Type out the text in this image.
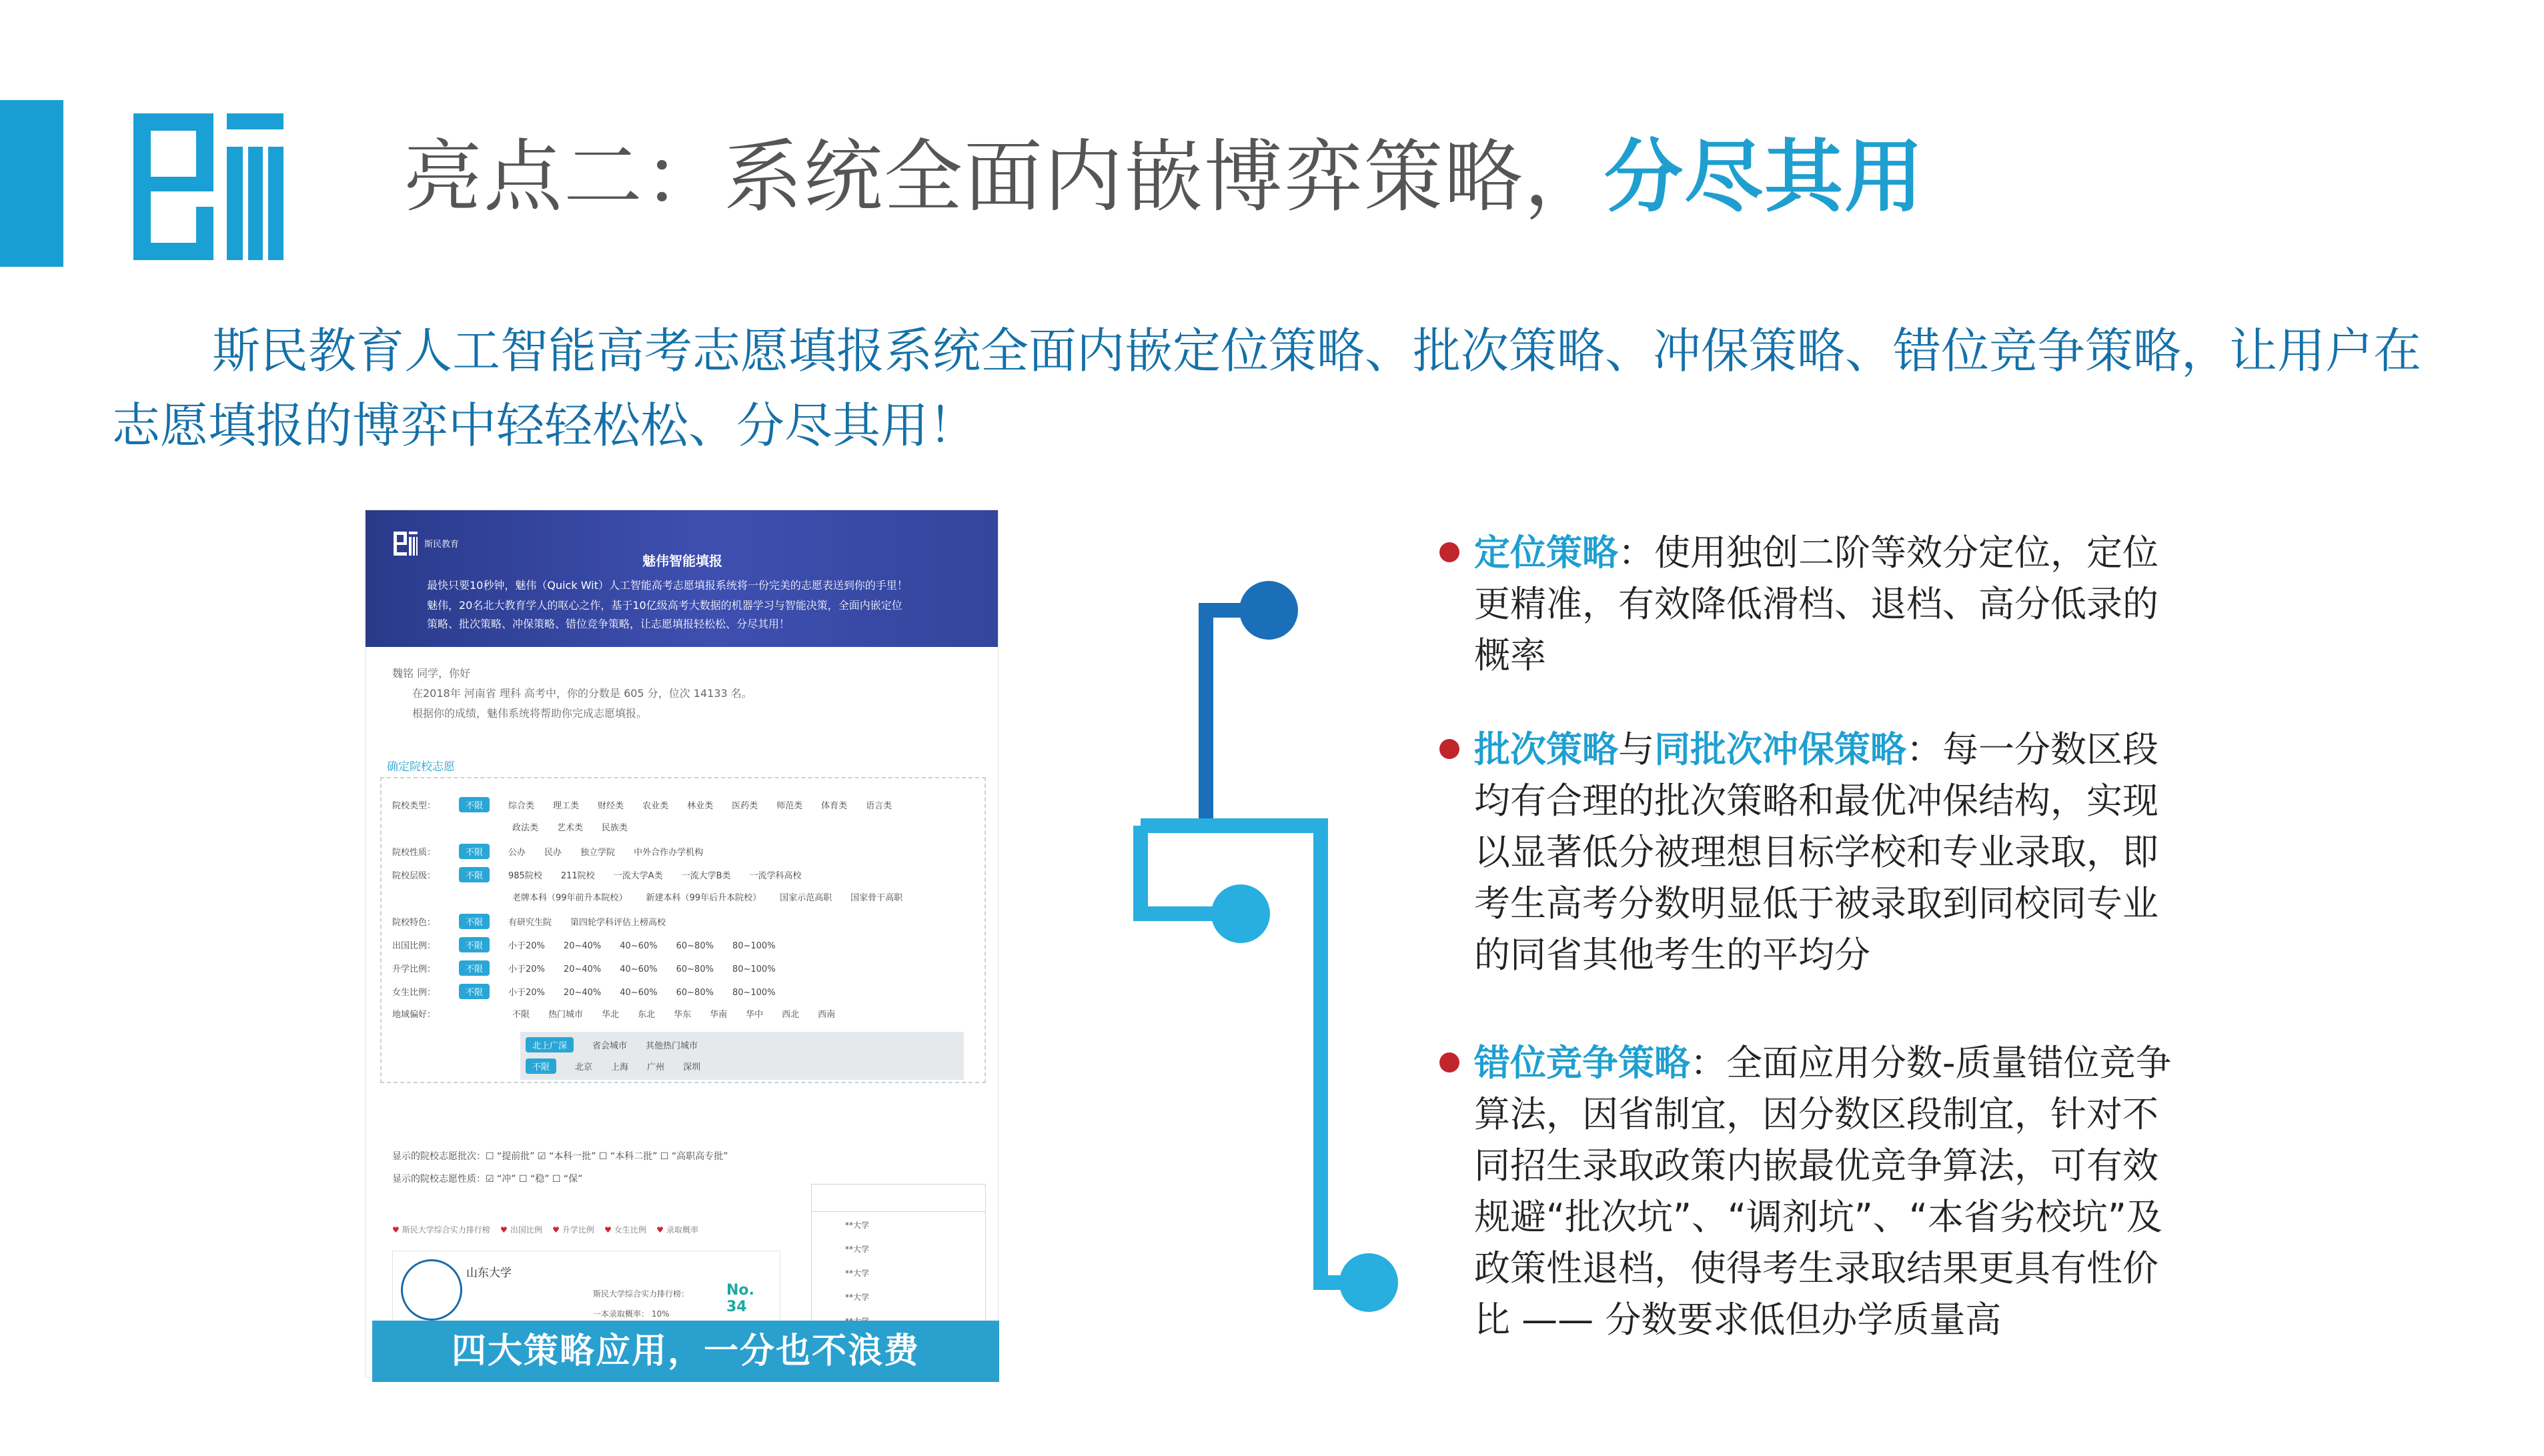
亮点二：系统全面内嵌博弈策略，分尽其用
斯民教育人工智能高考志愿填报系统全面内嵌定位策略、批次策略、冲保策略、错位竞争策略，让用户在
志愿填报的博弈中轻轻松松、分尽其用！
斯民教育
魅伟智能填报
最快只要10秒钟，魅伟（Quick Wit）人工智能高考志愿填报系统将一份完美的志愿表送到你的手里！
魅伟，20名北大教育学人的呕心之作，基于10亿级高考大数据的机器学习与智能决策，全面内嵌定位
策略、批次策略、冲保策略、错位竞争策略，让志愿填报轻松松、分尽其用！
魏铭 同学，你好
在2018年 河南省 理科 高考中，你的分数是 605 分，位次 14133 名。
根据你的成绩，魅伟系统将帮助你完成志愿填报。
确定院校志愿
显示的院校志愿批次：☐ “提前批” ☑ “本科一批” ☐ “本科二批” ☐ “高职高专批”
显示的院校志愿性质：☑ “冲” ☐ “稳” ☐ “保”
♥ 斯民大学综合实力排行榜 ♥ 出国比例 ♥ 升学比例 ♥ 女生比例 ♥ 录取概率
山东大学
斯民大学综合实力排行榜：	No. 34
一本录取概率： 10%
**大学
**大学
**大学
**大学
院校类型：	不限	综合类 理工类 财经类 农业类 林业类 医药类 师范类 体育类 语言类
政法类 艺术类 民族类
院校性质：	不限	公办 民办 独立学院 中外合作办学机构
院校层级：	不限	985院校 211院校 一流大学A类 一流大学B类 一流学科高校
老牌本科（99年前升本院校） 新建本科（99年后升本院校） 国家示范高职 国家骨干高职
院校特色：	不限	有研究生院 第四轮学科评估上榜高校
出国比例：	不限	小于20% 20~40% 40~60% 60~80% 80~100%
升学比例：	不限	小于20% 20~40% 40~60% 60~80% 80~100%
女生比例：	不限	小于20% 20~40% 40~60% 60~80% 80~100%
地域偏好：	不限 热门城市 华北 东北 华东 华南 华中 西北 西南
北上广深	省会城市 其他热门城市
不限	北京 上海 广州 深圳
四大策略应用，一分也不浪费
定位策略：使用独创二阶等效分定位，定位更精准，有效降低滑档、退档、高分低录的概率
批次策略与同批次冲保策略：每一分数区段均有合理的批次策略和最优冲保结构，实现以显著低分被理想目标学校和专业录取，即考生高考分数明显低于被录取到同校同专业的同省其他考生的平均分
错位竞争策略：全面应用分数-质量错位竞争算法，因省制宜，因分数区段制宜，针对不同招生录取政策内嵌最优竞争算法，可有效规避“批次坑”、“调剂坑”、“本省劣校坑”及政策性退档，使得考生录取结果更具有性价比 —— 分数要求低但办学质量高
